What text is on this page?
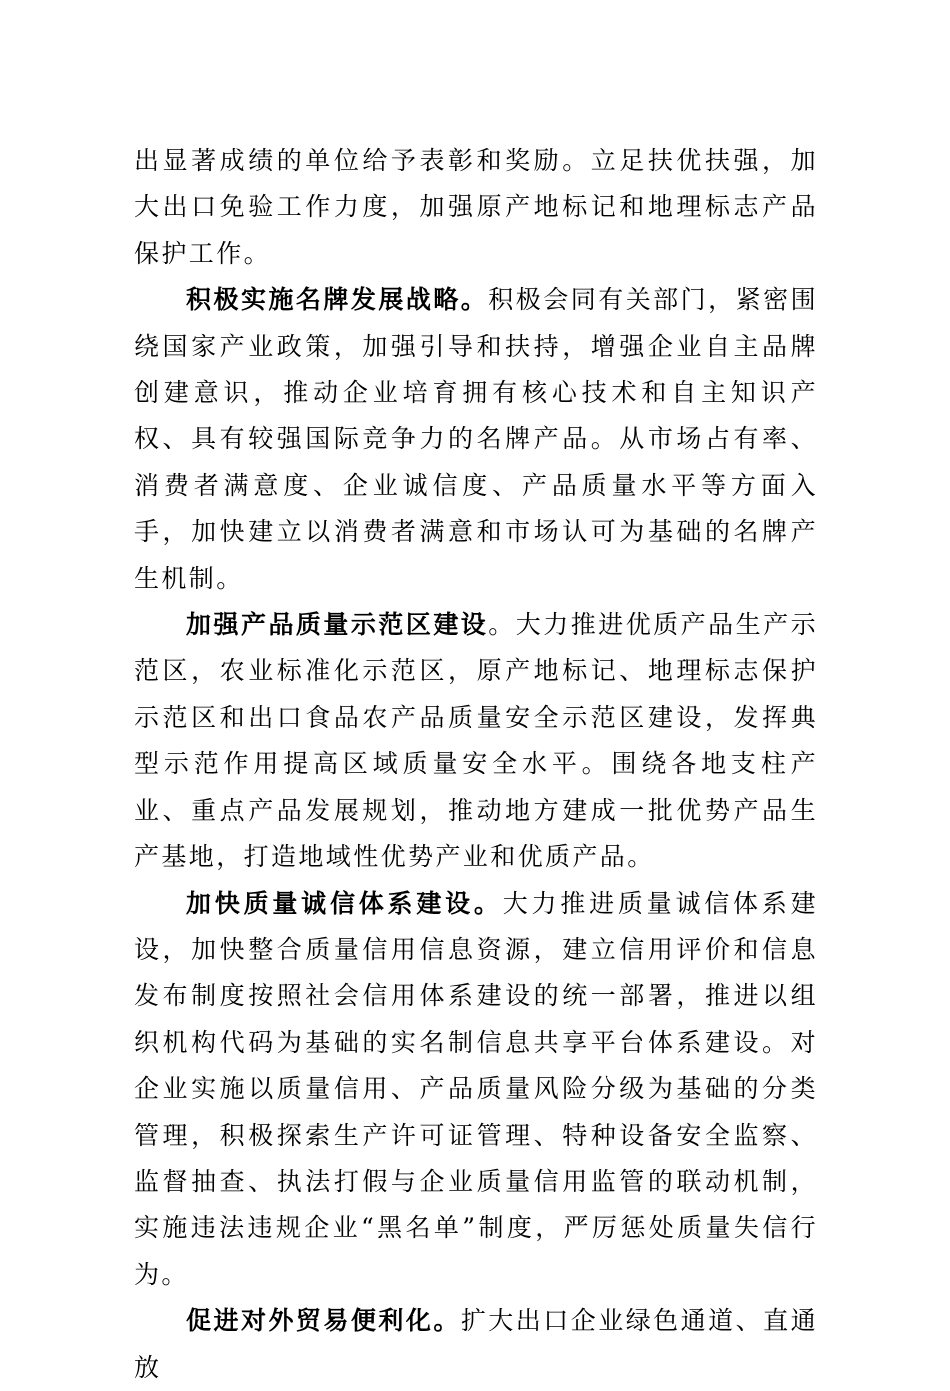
出显著成绩的单位给予表彰和奖励。立足扶优扶强，加大出口免验工作力度，加强原产地标记和地理标志产品保护工作。

积极实施名牌发展战略。积极会同有关部门，紧密围绕国家产业政策，加强引导和扶持，增强企业自主品牌创建意识，推动企业培育拥有核心技术和自主知识产权、具有较强国际竞争力的名牌产品。从市场占有率、消费者满意度、企业诚信度、产品质量水平等方面入手，加快建立以消费者满意和市场认可为基础的名牌产生机制。

加强产品质量示范区建设。大力推进优质产品生产示范区，农业标准化示范区，原产地标记、地理标志保护示范区和出口食品农产品质量安全示范区建设，发挥典型示范作用提高区域质量安全水平。围绕各地支柱产业、重点产品发展规划，推动地方建成一批优势产品生产基地，打造地域性优势产业和优质产品。

加快质量诚信体系建设。大力推进质量诚信体系建设，加快整合质量信用信息资源，建立信用评价和信息发布制度按照社会信用体系建设的统一部署，推进以组织机构代码为基础的实名制信息共享平台体系建设。对企业实施以质量信用、产品质量风险分级为基础的分类管理，积极探索生产许可证管理、特种设备安全监察、监督抽查、执法打假与企业质量信用监管的联动机制，实施违法违规企业“黑名单”制度，严厉惩处质量失信行为。

促进对外贸易便利化。扩大出口企业绿色通道、直通放
